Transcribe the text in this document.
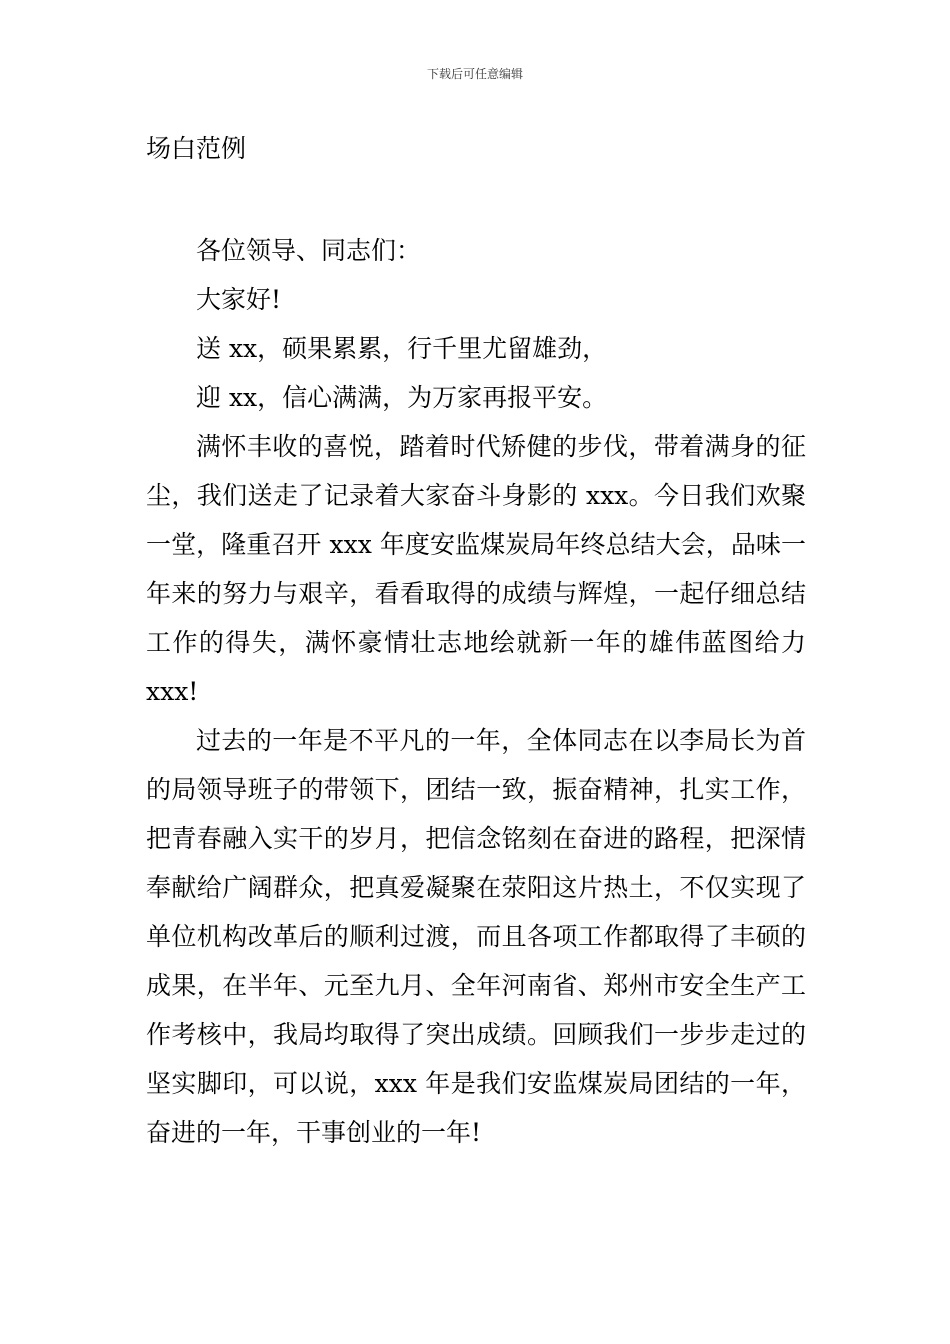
下载后可任意编辑
场白范例

各位领导、同志们：

大家好!

送 xx，硕果累累，行千里尤留雄劲，

迎 xx，信心满满，为万家再报平安。

满怀丰收的喜悦，踏着时代矫健的步伐，带着满身的征尘，我们送走了记录着大家奋斗身影的 xxx。今日我们欢聚一堂，隆重召开 xxx 年度安监煤炭局年终总结大会，品味一年来的努力与艰辛，看看取得的成绩与辉煌，一起仔细总结工作的得失，满怀豪情壮志地绘就新一年的雄伟蓝图给力 xxx!

过去的一年是不平凡的一年，全体同志在以李局长为首的局领导班子的带领下，团结一致，振奋精神，扎实工作，把青春融入实干的岁月，把信念铭刻在奋进的路程，把深情奉献给广阔群众，把真爱凝聚在荥阳这片热土，不仅实现了单位机构改革后的顺利过渡，而且各项工作都取得了丰硕的成果，在半年、元至九月、全年河南省、郑州市安全生产工作考核中，我局均取得了突出成绩。回顾我们一步步走过的坚实脚印，可以说，xxx 年是我们安监煤炭局团结的一年，奋进的一年，干事创业的一年!
